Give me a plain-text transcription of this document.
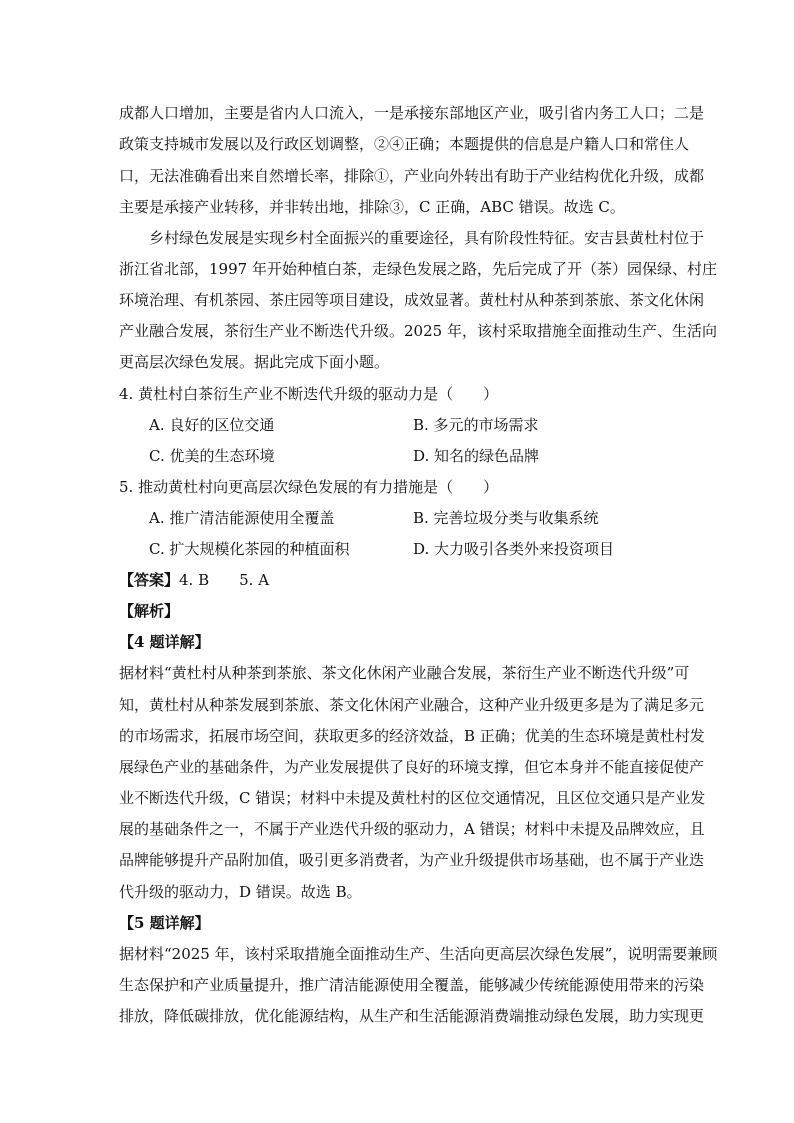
成都人口增加，主要是省内人口流入，一是承接东部地区产业，吸引省内务工人口；二是
政策支持城市发展以及行政区划调整，②④正确；本题提供的信息是户籍人口和常住人
口，无法准确看出来自然增长率，排除①，产业向外转出有助于产业结构优化升级，成都
主要是承接产业转移，并非转出地，排除③，C 正确，ABC 错误。故选 C。
乡村绿色发展是实现乡村全面振兴的重要途径，具有阶段性特征。安吉县黄杜村位于
浙江省北部，1997 年开始种植白茶，走绿色发展之路，先后完成了开（茶）园保绿、村庄
环境治理、有机茶园、茶庄园等项目建设，成效显著。黄杜村从种茶到茶旅、茶文化休闲
产业融合发展，茶衍生产业不断迭代升级。2025 年，该村采取措施全面推动生产、生活向
更高层次绿色发展。据此完成下面小题。
4. 黄杜村白茶衍生产业不断迭代升级的驱动力是（　　）
A. 良好的区位交通	B. 多元的市场需求
C. 优美的生态环境	D. 知名的绿色品牌
5. 推动黄杜村向更高层次绿色发展的有力措施是（　　）
A. 推广清洁能源使用全覆盖	B. 完善垃圾分类与收集系统
C. 扩大规模化茶园的种植面积	D. 大力吸引各类外来投资项目
【答案】4. B　　5. A
【解析】
【4 题详解】
据材料“黄杜村从种茶到茶旅、茶文化休闲产业融合发展，茶衍生产业不断迭代升级”可
知，黄杜村从种茶发展到茶旅、茶文化休闲产业融合，这种产业升级更多是为了满足多元
的市场需求，拓展市场空间，获取更多的经济效益，B 正确；优美的生态环境是黄杜村发
展绿色产业的基础条件，为产业发展提供了良好的环境支撑，但它本身并不能直接促使产
业不断迭代升级，C 错误；材料中未提及黄杜村的区位交通情况，且区位交通只是产业发
展的基础条件之一，不属于产业迭代升级的驱动力，A 错误；材料中未提及品牌效应，且
品牌能够提升产品附加值，吸引更多消费者，为产业升级提供市场基础，也不属于产业迭
代升级的驱动力，D 错误。故选 B。
【5 题详解】
据材料“2025 年，该村采取措施全面推动生产、生活向更高层次绿色发展”，说明需要兼顾
生态保护和产业质量提升，推广清洁能源使用全覆盖，能够减少传统能源使用带来的污染
排放，降低碳排放，优化能源结构，从生产和生活能源消费端推动绿色发展，助力实现更
